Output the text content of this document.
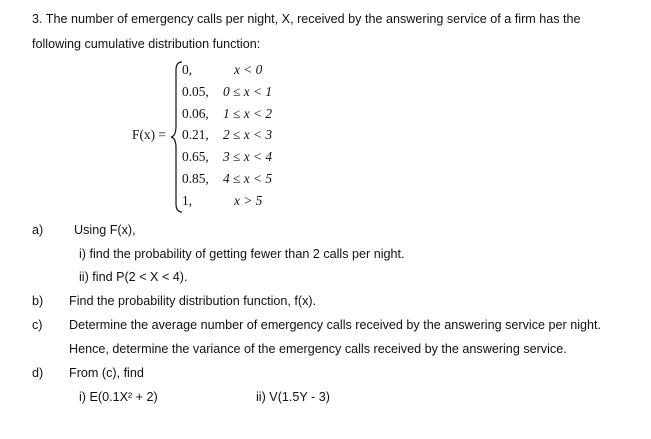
3. The number of emergency calls per night, X, received by the answering service of a firm has the
following cumulative distribution function:
F(x) =
0,	x < 0
0.05, 0 ≤ x < 1
0.06, 1 ≤ x < 2
0.21, 2 ≤ x < 3
0.65, 3 ≤ x < 4
0.85, 4 ≤ x < 5
1,	x > 5
a) Using F(x),
i) find the probability of getting fewer than 2 calls per night.
ii) find P(2 < X < 4).
b) Find the probability distribution function, f(x).
c) Determine the average number of emergency calls received by the answering service per night.
Hence, determine the variance of the emergency calls received by the answering service.
d) From (c), find
i) E(0.1X² + 2)	ii) V(1.5Y - 3)
